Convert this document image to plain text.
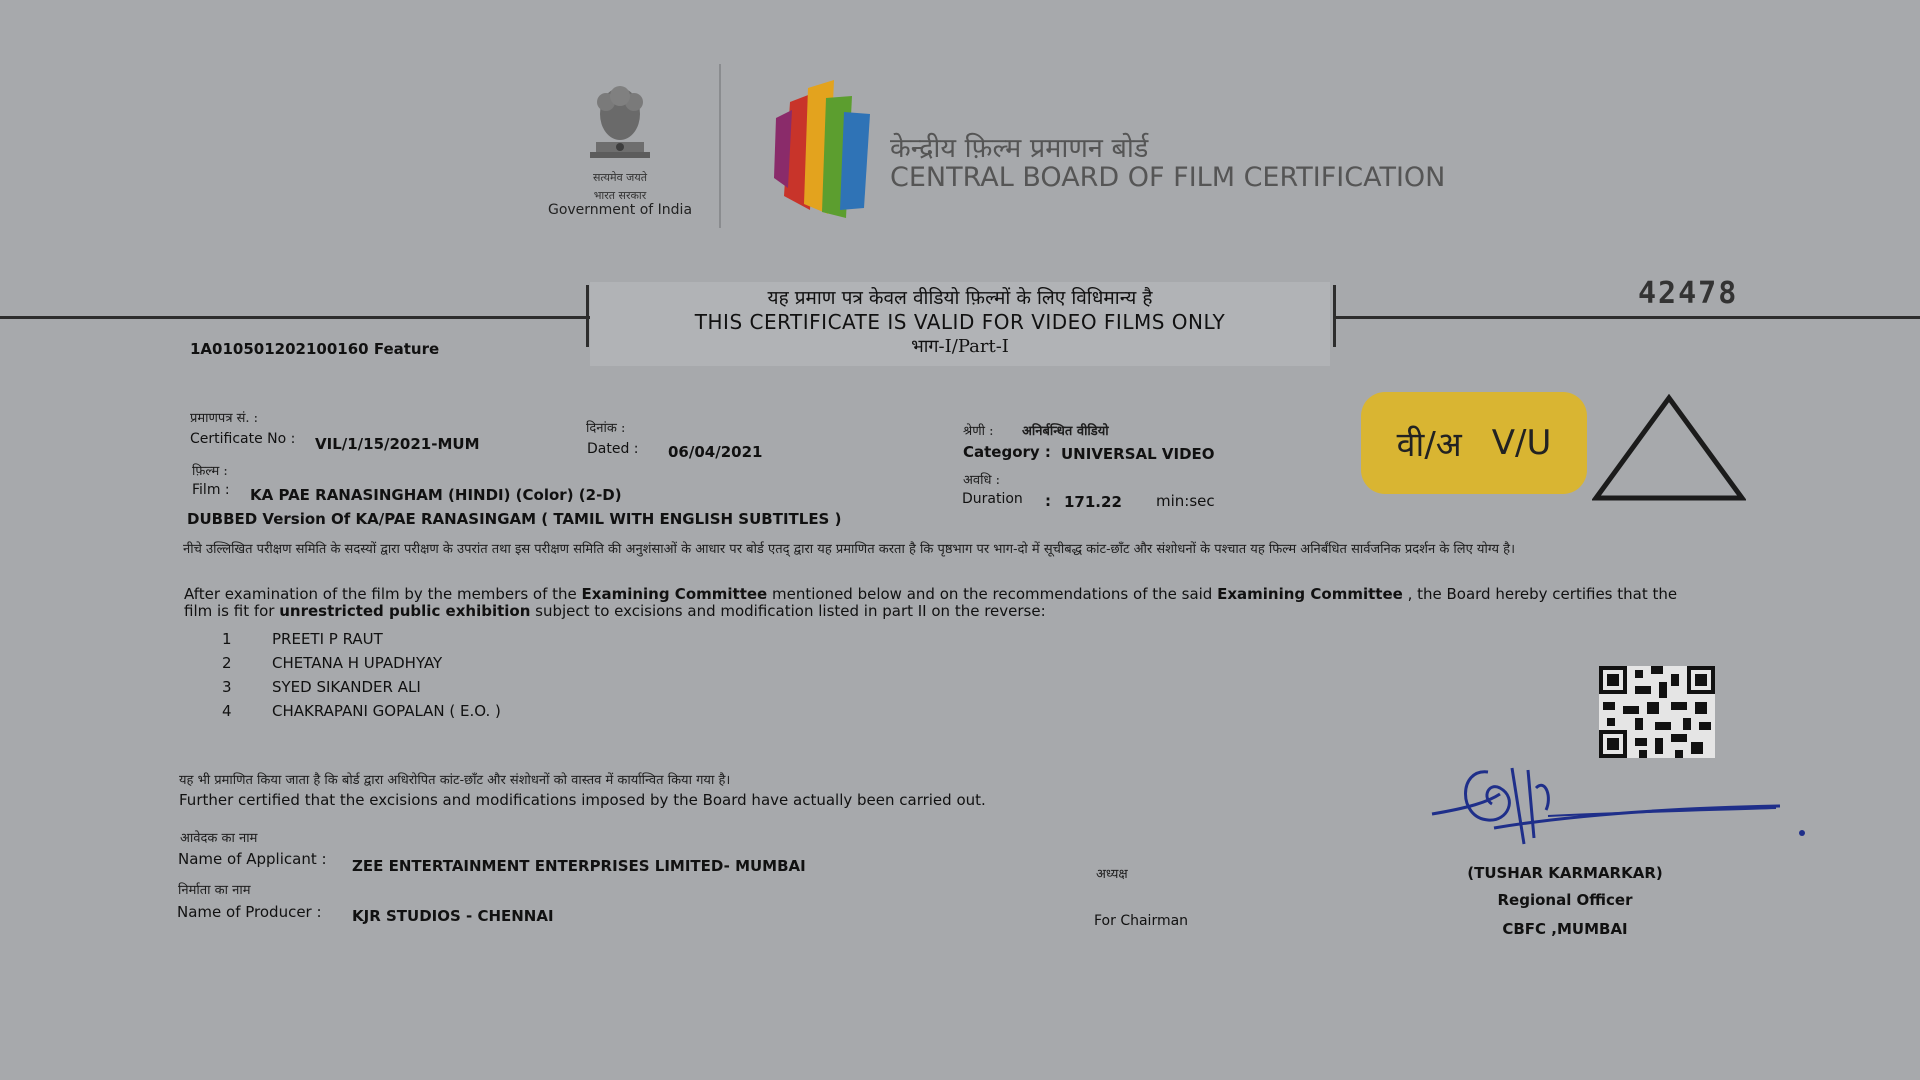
सत्यमेव जयते
भारत सरकार
Government of India
केन्द्रीय फ़िल्म प्रमाणन बोर्ड
CENTRAL BOARD OF FILM CERTIFICATION
यह प्रमाण पत्र केवल वीडियो फ़िल्मों के लिए विधिमान्य है
THIS CERTIFICATE IS VALID FOR VIDEO FILMS ONLY
भाग-I/Part-I
42478
1A010501202100160 Feature
प्रमाणपत्र सं. :
Certificate No : VIL/1/15/2021-MUM
दिनांक :
Dated : 06/04/2021
श्रेणी : अनिर्बन्धित वीडियो
Category : UNIVERSAL VIDEO
फ़िल्म :
Film : KA PAE RANASINGHAM (HINDI) (Color) (2-D)
DUBBED Version Of KA/PAE RANASINGAM ( TAMIL WITH ENGLISH SUBTITLES )
अवधि :
Duration : 171.22 min:sec
वी/अ V/U
नीचे उल्लिखित परीक्षण समिति के सदस्यों द्वारा परीक्षण के उपरांत तथा इस परीक्षण समिति की अनुशंसाओं के आधार पर बोर्ड एतद् द्वारा यह प्रमाणित करता है कि पृष्ठभाग पर भाग-दो में सूचीबद्ध कांट-छाँट और संशोधनों के पश्चात यह फिल्म अनिर्बंधित सार्वजनिक प्रदर्शन के लिए योग्य है।
After examination of the film by the members of the Examining Committee mentioned below and on the recommendations of the said Examining Committee , the Board hereby certifies that the film is fit for unrestricted public exhibition subject to excisions and modification listed in part II on the reverse:
1	PREETI P RAUT
2	CHETANA H UPADHYAY
3	SYED SIKANDER ALI
4	CHAKRAPANI GOPALAN ( E.O. )
यह भी प्रमाणित किया जाता है कि बोर्ड द्वारा अधिरोपित कांट-छाँट और संशोधनों को वास्तव में कार्यान्वित किया गया है।
Further certified that the excisions and modifications imposed by the Board have actually been carried out.
आवेदक का नाम
Name of Applicant : ZEE ENTERTAINMENT ENTERPRISES LIMITED- MUMBAI
निर्माता का नाम
Name of Producer : KJR STUDIOS - CHENNAI
अध्यक्ष
For Chairman
(TUSHAR KARMARKAR)
Regional Officer
CBFC ,MUMBAI
